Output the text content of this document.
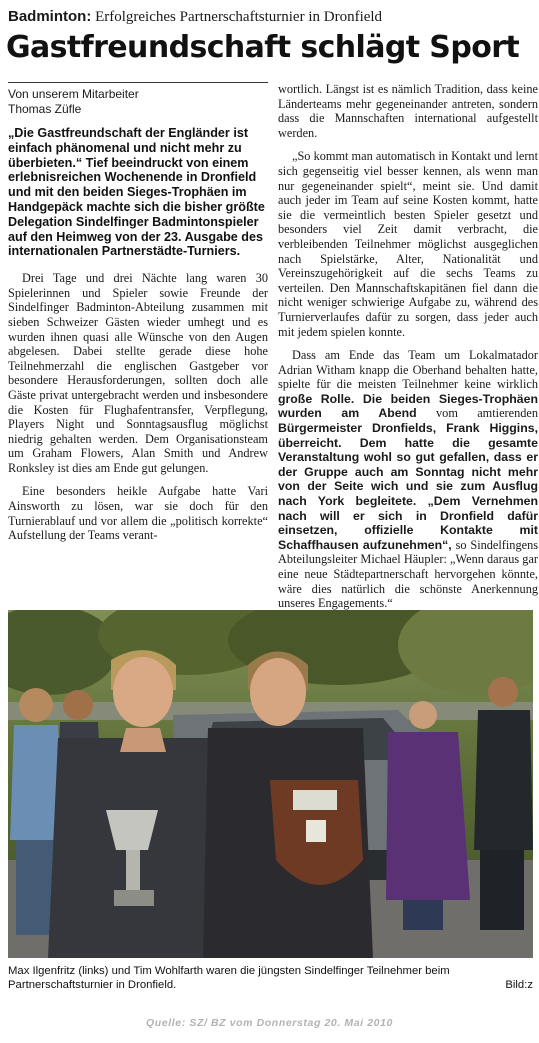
Badminton: Erfolgreiches Partnerschaftsturnier in Dronfield
Gastfreundschaft schlägt Sport
Von unserem Mitarbeiter
Thomas Züfle
„Die Gastfreundschaft der Engländer ist einfach phänomenal und nicht mehr zu überbieten.“ Tief beeindruckt von einem erlebnisreichen Wochenende in Dronfield und mit den beiden Sieges-Trophäen im Handgepäck machte sich die bisher größte Delegation Sindelfinger Badmintonspieler auf den Heimweg von der 23. Ausgabe des internationalen Partnerstädte-Turniers.

Drei Tage und drei Nächte lang waren 30 Spielerinnen und Spieler sowie Freunde der Sindelfinger Badminton-Abteilung zusammen mit sieben Schweizer Gästen wieder umhegt und es wurden ihnen quasi alle Wünsche von den Augen abgelesen. Dabei stellte gerade diese hohe Teilnehmerzahl die englischen Gastgeber vor besondere Herausforderungen, sollten doch alle Gäste privat untergebracht werden und insbesondere die Kosten für Flughafentransfer, Verpflegung, Players Night und Sonntagsausflug möglichst niedrig gehalten werden. Dem Organisationsteam um Graham Flowers, Alan Smith und Andrew Ronksley ist dies am Ende gut gelungen.

Eine besonders heikle Aufgabe hatte Vari Ainsworth zu lösen, war sie doch für den Turnierablauf und vor allem die „politisch korrekte“ Aufstellung der Teams verant-

wortlich. Längst ist es nämlich Tradition, dass keine Länderteams mehr gegeneinander antreten, sondern dass die Mannschaften international aufgestellt werden.

„So kommt man automatisch in Kontakt und lernt sich gegenseitig viel besser kennen, als wenn man nur gegeneinander spielt“, meint sie. Und damit auch jeder im Team auf seine Kosten kommt, hatte sie die vermeintlich besten Spieler gesetzt und besonders viel Zeit damit verbracht, die verbleibenden Teilnehmer möglichst ausgeglichen nach Spielstärke, Alter, Nationalität und Vereinszugehörigkeit auf die sechs Teams zu verteilen. Den Mannschaftskapitänen fiel dann die nicht weniger schwierige Aufgabe zu, während des Turnierverlaufes dafür zu sorgen, dass jeder auch mit jedem spielen konnte.

Dass am Ende das Team um Lokalmatador Adrian Witham knapp die Oberhand behalten hatte, spielte für die meisten Teilnehmer keine wirklich große Rolle. Die beiden Sieges-Trophäen wurden am Abend vom amtierenden Bürgermeister Dronfields, Frank Higgins, überreicht. Dem hatte die gesamte Veranstaltung wohl so gut gefallen, dass er der Gruppe auch am Sonntag nicht mehr von der Seite wich und sie zum Ausflug nach York begleitete. „Dem Vernehmen nach will er sich in Dronfield dafür einsetzen, offizielle Kontakte mit Schaffhausen aufzunehmen“, so Sindelfingens Abteilungsleiter Michael Häupler: „Wenn daraus gar eine neue Städtepartnerschaft hervorgehen könnte, wäre dies natürlich die schönste Anerkennung unseres Engagements.“

Max Ilgenfritz (links) und Tim Wohlfarth waren die jüngsten Sindelfinger Teilnehmer beim Partnerschaftsturnier in Dronfield.	Bild:z
Quelle: SZ/ BZ vom Donnerstag 20. Mai 2010
